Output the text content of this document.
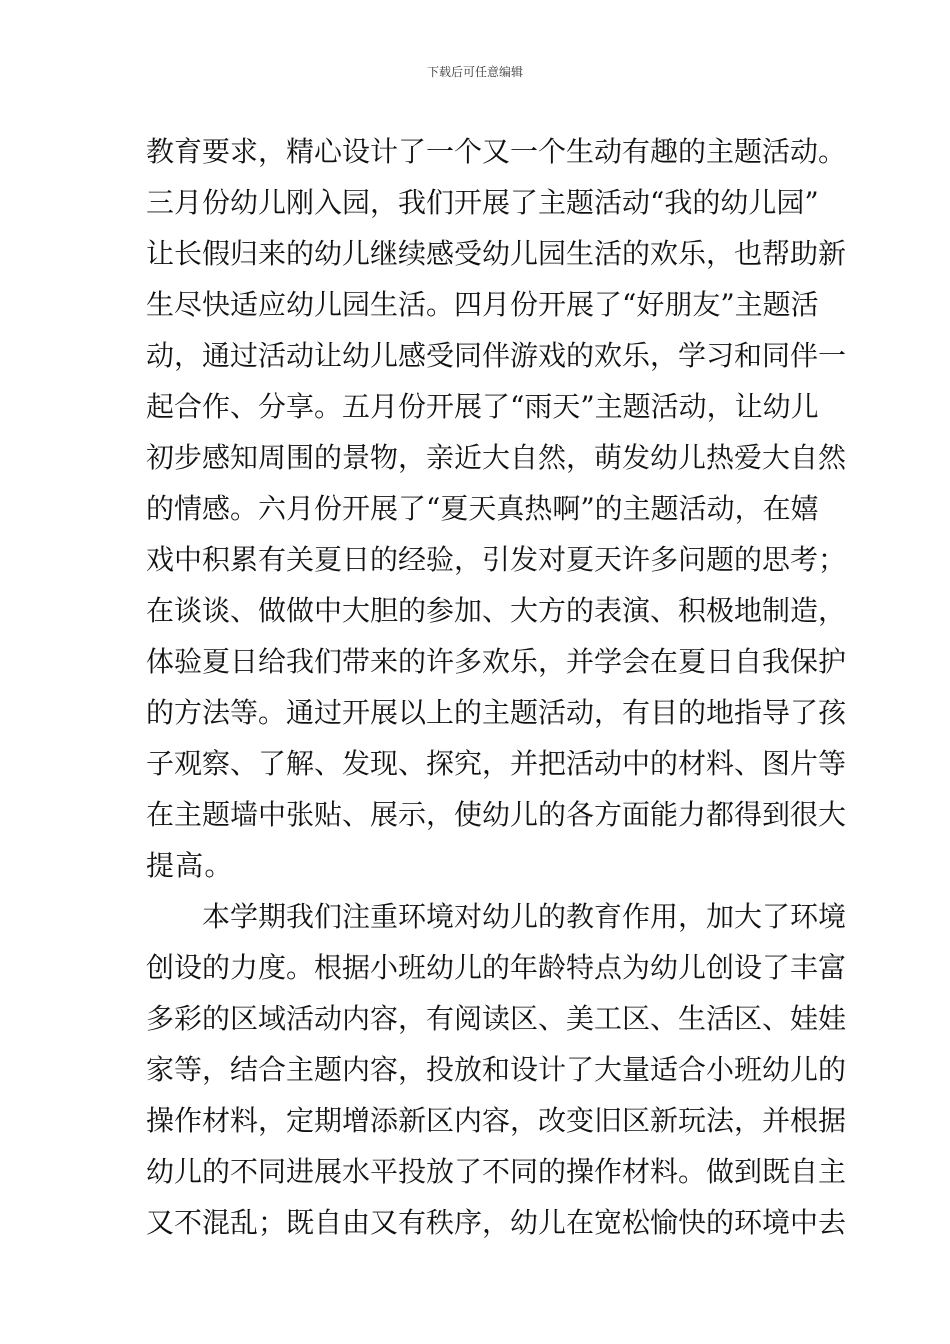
下载后可任意编辑
教育要求，精心设计了一个又一个生动有趣的主题活动。
三月份幼儿刚入园，我们开展了主题活动“我的幼儿园”
让长假归来的幼儿继续感受幼儿园生活的欢乐，也帮助新
生尽快适应幼儿园生活。四月份开展了“好朋友”主题活
动，通过活动让幼儿感受同伴游戏的欢乐，学习和同伴一
起合作、分享。五月份开展了“雨天”主题活动，让幼儿
初步感知周围的景物，亲近大自然，萌发幼儿热爱大自然
的情感。六月份开展了“夏天真热啊”的主题活动，在嬉
戏中积累有关夏日的经验，引发对夏天许多问题的思考；
在谈谈、做做中大胆的参加、大方的表演、积极地制造，
体验夏日给我们带来的许多欢乐，并学会在夏日自我保护
的方法等。通过开展以上的主题活动，有目的地指导了孩
子观察、了解、发现、探究，并把活动中的材料、图片等
在主题墙中张贴、展示，使幼儿的各方面能力都得到很大
提高。
本学期我们注重环境对幼儿的教育作用，加大了环境
创设的力度。根据小班幼儿的年龄特点为幼儿创设了丰富
多彩的区域活动内容，有阅读区、美工区、生活区、娃娃
家等，结合主题内容，投放和设计了大量适合小班幼儿的
操作材料，定期增添新区内容，改变旧区新玩法，并根据
幼儿的不同进展水平投放了不同的操作材料。做到既自主
又不混乱；既自由又有秩序，幼儿在宽松愉快的环境中去
